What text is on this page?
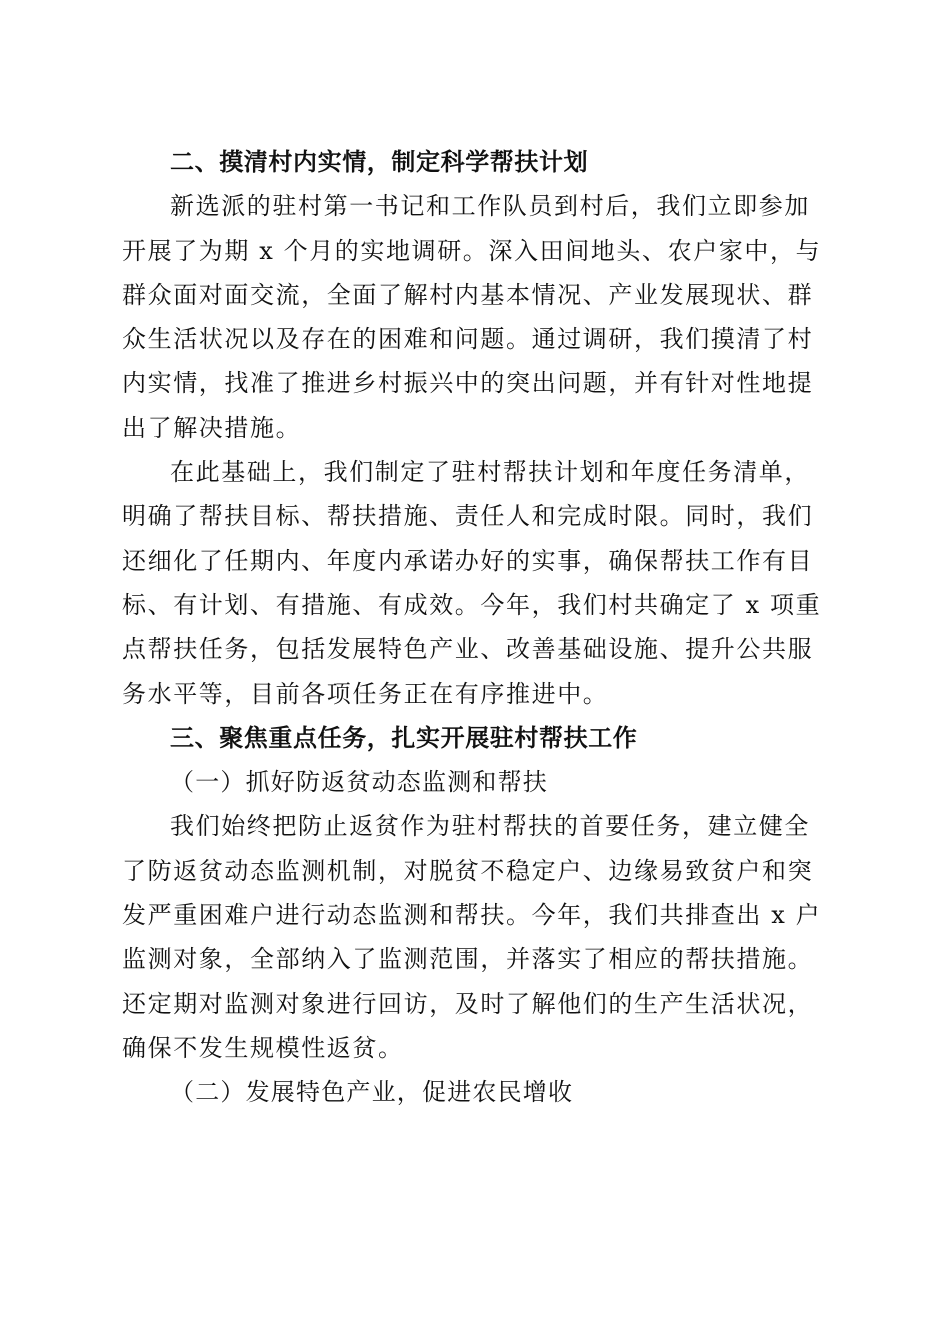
二、摸清村内实情，制定科学帮扶计划
新选派的驻村第一书记和工作队员到村后，我们立即参加
开展了为期 x 个月的实地调研。深入田间地头、农户家中，与
群众面对面交流，全面了解村内基本情况、产业发展现状、群
众生活状况以及存在的困难和问题。通过调研，我们摸清了村
内实情，找准了推进乡村振兴中的突出问题，并有针对性地提
出了解决措施。
在此基础上，我们制定了驻村帮扶计划和年度任务清单，
明确了帮扶目标、帮扶措施、责任人和完成时限。同时，我们
还细化了任期内、年度内承诺办好的实事，确保帮扶工作有目
标、有计划、有措施、有成效。今年，我们村共确定了 x 项重
点帮扶任务，包括发展特色产业、改善基础设施、提升公共服
务水平等，目前各项任务正在有序推进中。
三、聚焦重点任务，扎实开展驻村帮扶工作
（一）抓好防返贫动态监测和帮扶
我们始终把防止返贫作为驻村帮扶的首要任务，建立健全
了防返贫动态监测机制，对脱贫不稳定户、边缘易致贫户和突
发严重困难户进行动态监测和帮扶。今年，我们共排查出 x 户
监测对象，全部纳入了监测范围，并落实了相应的帮扶措施。
还定期对监测对象进行回访，及时了解他们的生产生活状况，
确保不发生规模性返贫。
（二）发展特色产业，促进农民增收
